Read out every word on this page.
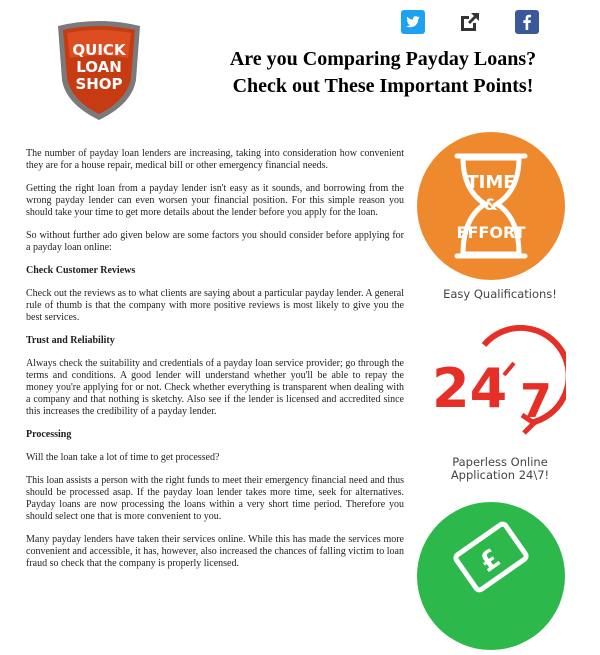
QUICK
LOAN
SHOP
Are you Comparing Payday Loans?
Check out These Important Points!

The number of payday loan lenders are increasing, taking into consideration how convenient they are for a house repair, medical bill or other emergency financial needs.

Getting the right loan from a payday lender isn't easy as it sounds, and borrowing from the wrong payday lender can even worsen your financial position. For this simple reason you should take your time to get more details about the lender before you apply for the loan.

So without further ado given below are some factors you should consider before applying for a payday loan online:

Check Customer Reviews

Check out the reviews as to what clients are saying about a particular payday lender. A general rule of thumb is that the company with more positive reviews is most likely to give you the best services.

Trust and Reliability

Always check the suitability and credentials of a payday loan service provider; go through the terms and conditions. A good lender will understand whether you'll be able to repay the money you're applying for or not. Check whether everything is transparent when dealing with a company and that nothing is sketchy. Also see if the lender is licensed and accredited since this increases the credibility of a payday lender.

Processing

Will the loan take a lot of time to get processed?

This loan assists a person with the right funds to meet their emergency financial need and thus should be processed asap. If the payday loan lender takes more time, seek for alternatives. Payday loans are now processing the loans within a very short time period. Therefore you should select one that is more convenient to you.

Many payday lenders have taken their services online. While this has made the services more convenient and accessible, it has, however, also increased the chances of falling victim to loan fraud so check that the company is properly licensed.

TIME
&
EFFORT
Easy Qualifications!
24 7
Paperless Online
Application 24\7!
£
